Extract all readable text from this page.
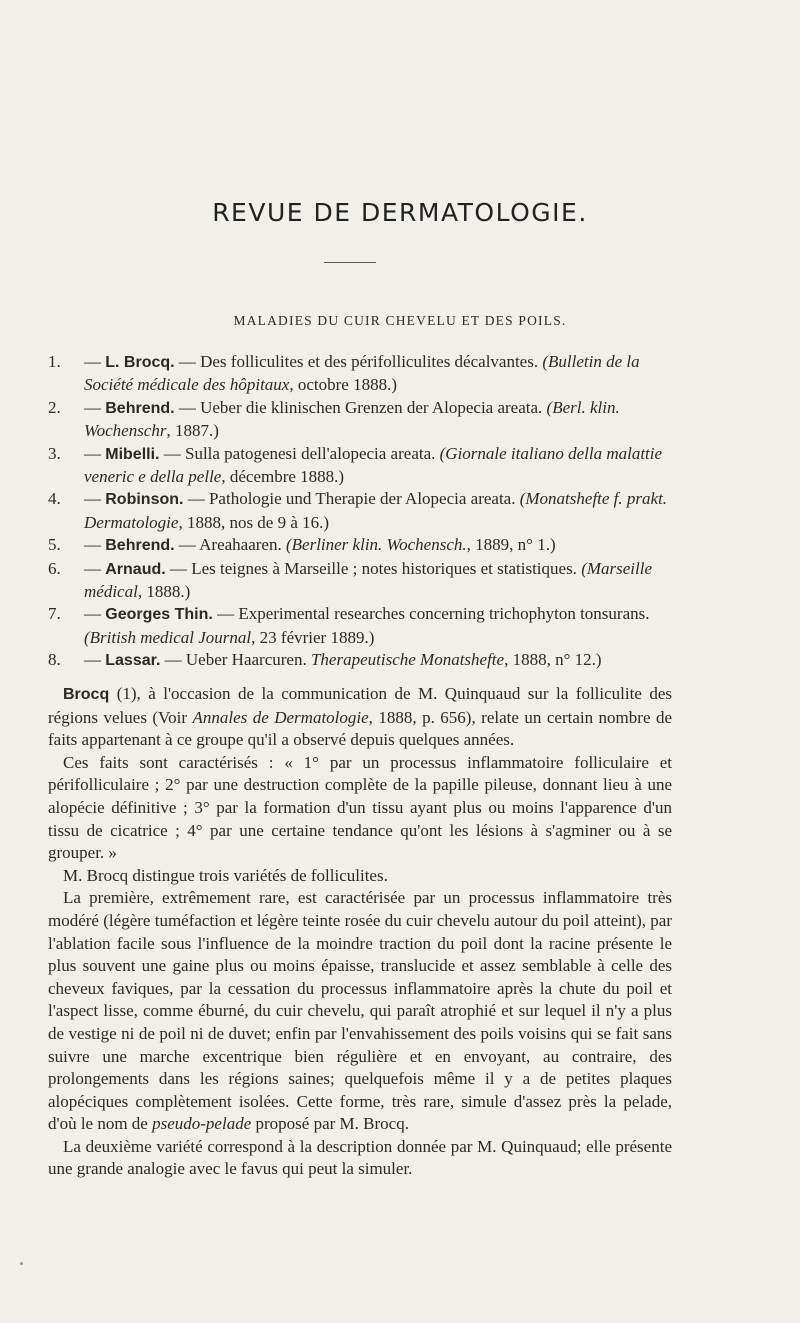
REVUE DE DERMATOLOGIE.
MALADIES DU CUIR CHEVELU ET DES POILS.
1. — L. Brocq. — Des folliculites et des périfolliculites décalvantes. (Bulletin de la Société médicale des hôpitaux, octobre 1888.)
2. — Behrend. — Ueber die klinischen Grenzen der Alopecia areata. (Berl. klin. Wochenschr, 1887.)
3. — Mibelli. — Sulla patogenesi dell'alopecia areata. (Giornale italiano della malattie veneric e della pelle, décembre 1888.)
4. — Robinson. — Pathologie und Therapie der Alopecia areata. (Monatshefte f. prakt. Dermatologie, 1888, nos de 9 à 16.)
5. — Behrend. — Areahaaren. (Berliner klin. Wochensch., 1889, n° 1.)
6. — Arnaud. — Les teignes à Marseille ; notes historiques et statistiques. (Marseille médical, 1888.)
7. — Georges Thin. — Experimental researches concerning trichophyton tonsurans. (British medical Journal, 23 février 1889.)
8. — Lassar. — Ueber Haarcuren. Therapeutische Monatshefte, 1888, n° 12.)

Brocq (1), à l'occasion de la communication de M. Quinquaud sur la folliculite des régions velues (Voir Annales de Dermatologie, 1888, p. 656), relate un certain nombre de faits appartenant à ce groupe qu'il a observé depuis quelques années.

Ces faits sont caractérisés : « 1° par un processus inflammatoire folliculaire et périfolliculaire ; 2° par une destruction complète de la papille pileuse, donnant lieu à une alopécie définitive ; 3° par la formation d'un tissu ayant plus ou moins l'apparence d'un tissu de cicatrice ; 4° par une certaine tendance qu'ont les lésions à s'agminer ou à se grouper. »

M. Brocq distingue trois variétés de folliculites.

La première, extrêmement rare, est caractérisée par un processus inflammatoire très modéré (légère tuméfaction et légère teinte rosée du cuir chevelu autour du poil atteint), par l'ablation facile sous l'influence de la moindre traction du poil dont la racine présente le plus souvent une gaine plus ou moins épaisse, translucide et assez semblable à celle des cheveux faviques, par la cessation du processus inflammatoire après la chute du poil et l'aspect lisse, comme éburné, du cuir chevelu, qui paraît atrophié et sur lequel il n'y a plus de vestige ni de poil ni de duvet; enfin par l'envahissement des poils voisins qui se fait sans suivre une marche excentrique bien régulière et en envoyant, au contraire, des prolongements dans les régions saines; quelquefois même il y a de petites plaques alopéciques complètement isolées. Cette forme, très rare, simule d'assez près la pelade, d'où le nom de pseudo-pelade proposé par M. Brocq.

La deuxième variété correspond à la description donnée par M. Quinquaud; elle présente une grande analogie avec le favus qui peut la simuler.
